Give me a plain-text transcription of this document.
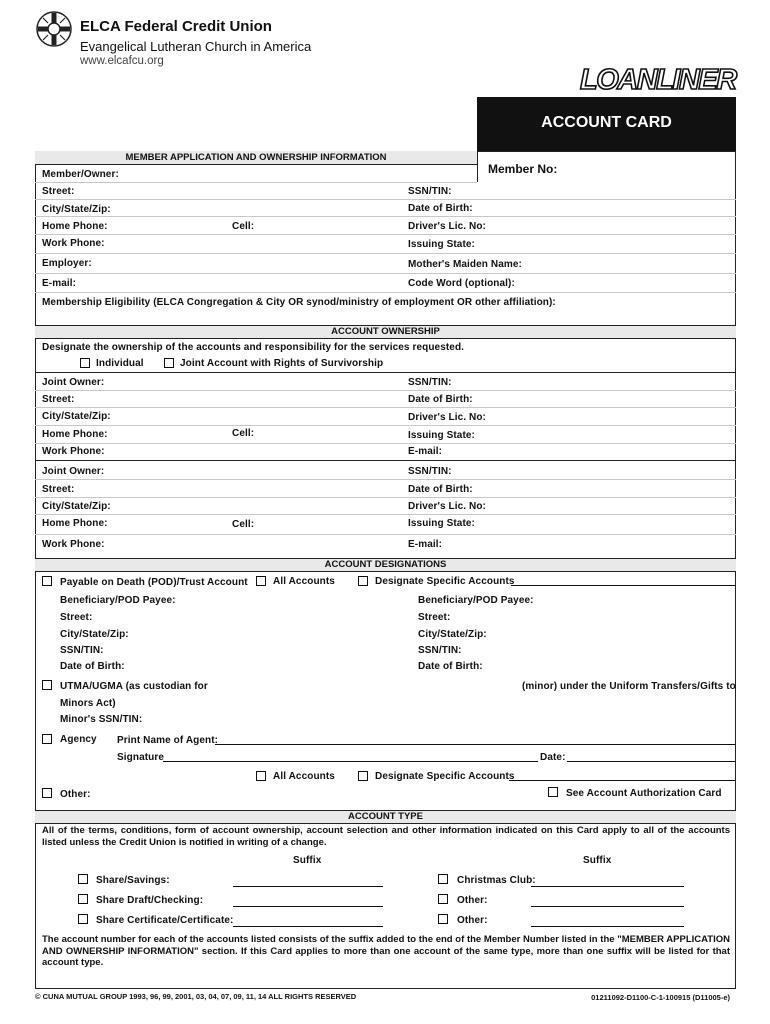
ELCA Federal Credit Union
Evangelical Lutheran Church in America
www.elcafcu.org
LOANLINER
ACCOUNT CARD
MEMBER APPLICATION AND OWNERSHIP INFORMATION
Member No:
Member/Owner:
Street:	SSN/TIN:
City/State/Zip:	Date of Birth:
Home Phone:	Cell:	Driver's Lic. No:
Work Phone:	Issuing State:
Employer:	Mother's Maiden Name:
E-mail:	Code Word (optional):
Membership Eligibility (ELCA Congregation & City OR synod/ministry of employment OR other affiliation):
ACCOUNT OWNERSHIP
Designate the ownership of the accounts and responsibility for the services requested.
Individual	Joint Account with Rights of Survivorship
Joint Owner:	SSN/TIN:
Street:	Date of Birth:
City/State/Zip:	Driver's Lic. No:
Home Phone:	Cell:	Issuing State:
Work Phone:	E-mail:
Joint Owner:	SSN/TIN:
Street:	Date of Birth:
City/State/Zip:	Driver's Lic. No:
Home Phone:	Cell:	Issuing State:
Work Phone:	E-mail:
ACCOUNT DESIGNATIONS
Payable on Death (POD)/Trust Account	All Accounts	Designate Specific Accounts
Beneficiary/POD Payee:	Beneficiary/POD Payee:
Street:	Street:
City/State/Zip:	City/State/Zip:
SSN/TIN:	SSN/TIN:
Date of Birth:	Date of Birth:
UTMA/UGMA (as custodian for	(minor) under the Uniform Transfers/Gifts to
Minors Act)
Minor's SSN/TIN:
Agency Print Name of Agent:
Signature	Date:
All Accounts	Designate Specific Accounts
Other:	See Account Authorization Card
ACCOUNT TYPE
All of the terms, conditions, form of account ownership, account selection and other information indicated on this Card apply to all of the accounts listed unless the Credit Union is notified in writing of a change.
Suffix	Suffix
Share/Savings:	Christmas Club:
Share Draft/Checking:	Other:
Share Certificate/Certificate:	Other:
The account number for each of the accounts listed consists of the suffix added to the end of the Member Number listed in the "MEMBER APPLICATION AND OWNERSHIP INFORMATION" section. If this Card applies to more than one account of the same type, more than one suffix will be listed for that account type.
© CUNA MUTUAL GROUP 1993, 96, 99, 2001, 03, 04, 07, 09, 11, 14 ALL RIGHTS RESERVED	01211092-D1100-C-1-100915 (D11005-e)
